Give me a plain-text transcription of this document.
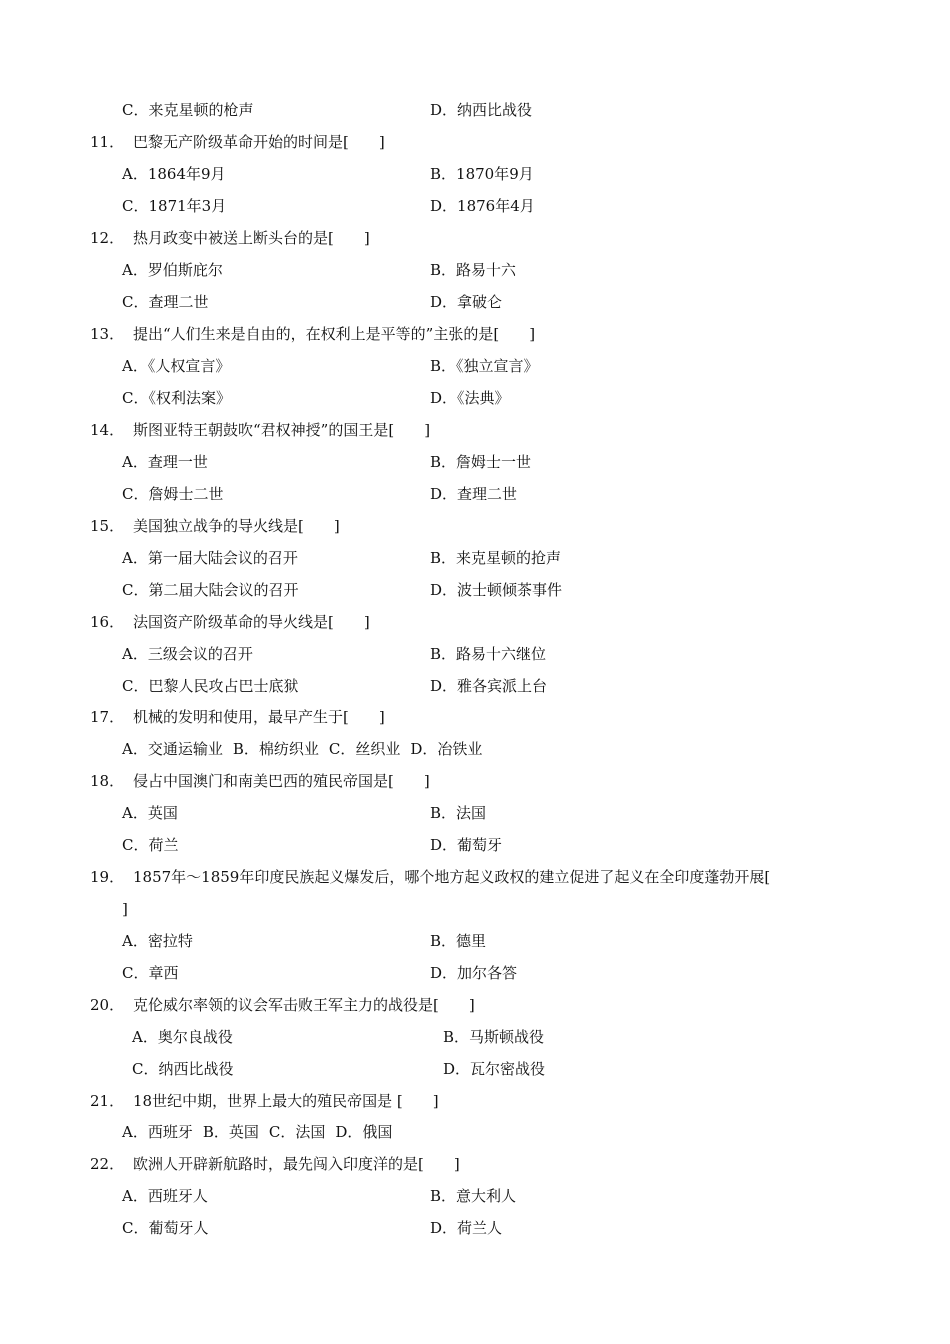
C．来克星顿的枪声	D．纳西比战役
11． 巴黎无产阶级革命开始的时间是[　　]
A．1864年9月	B．1870年9月
C．1871年3月	D．1876年4月
12． 热月政变中被送上断头台的是[　　]
A．罗伯斯庇尔	B．路易十六
C．查理二世	D．拿破仑
13． 提出“人们生来是自由的，在权利上是平等的”主张的是[　　]
A．《人权宣言》	B．《独立宣言》
C．《权利法案》	D．《法典》
14． 斯图亚特王朝鼓吹“君权神授”的国王是[　　]
A．查理一世	B．詹姆士一世
C．詹姆士二世	D．查理二世
15． 美国独立战争的导火线是[　　]
A．第一届大陆会议的召开	B．来克星顿的抢声
C．第二届大陆会议的召开	D．波士顿倾茶事件
16． 法国资产阶级革命的导火线是[　　]
A．三级会议的召开	B．路易十六继位
C．巴黎人民攻占巴士底狱	D．雅各宾派上台
17． 机械的发明和使用，最早产生于[　　]
A．交通运输业 B．棉纺织业 C．丝织业 D．冶铁业
18． 侵占中国澳门和南美巴西的殖民帝国是[　　]
A．英国	B．法国
C．荷兰	D．葡萄牙
19． 1857年～1859年印度民族起义爆发后，哪个地方起义政权的建立促进了起义在全印度蓬勃开展[
]
A．密拉特	B．德里
C．章西	D．加尔各答
20． 克伦威尔率领的议会军击败王军主力的战役是[　　]
A．奥尔良战役	B．马斯顿战役
C．纳西比战役	D．瓦尔密战役
21． 18世纪中期，世界上最大的殖民帝国是 [　　]
A．西班牙 B．英国 C．法国 D．俄国
22． 欧洲人开辟新航路时，最先闯入印度洋的是[　　]
A．西班牙人	B．意大利人
C．葡萄牙人	D．荷兰人
